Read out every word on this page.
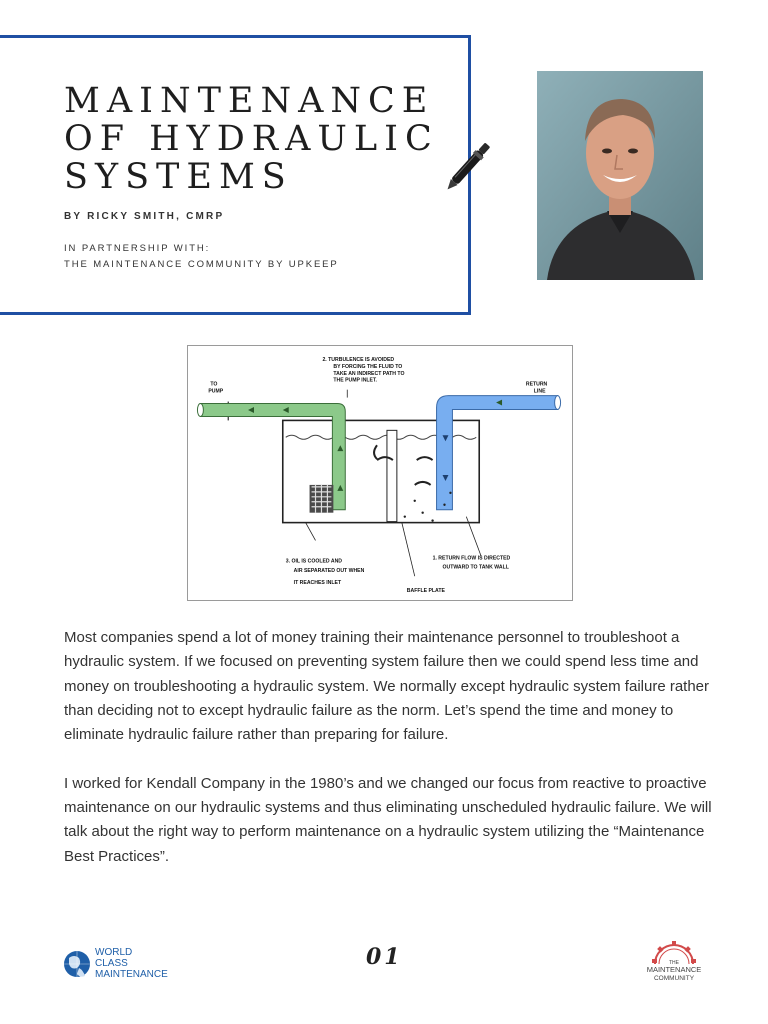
MAINTENANCE
OF HYDRAULIC
SYSTEMS
BY RICKY SMITH, CMRP
IN PARTNERSHIP WITH:
THE MAINTENANCE COMMUNITY BY UPKEEP
TO
PUMP
RETURN
LINE
2. TURBULENCE IS AVOIDED
BY FORCING THE FLUID TO
TAKE AN INDIRECT PATH TO
THE PUMP INLET.
3. OIL IS COOLED AND
AIR SEPARATED OUT WHEN
IT REACHES INLET
1. RETURN FLOW IS DIRECTED
OUTWARD TO TANK WALL
BAFFLE PLATE

Most companies spend a lot of money training their maintenance personnel to troubleshoot a hydraulic system. If we focused on preventing system failure then we could spend less time and money on troubleshooting a hydraulic system. We normally except hydraulic system failure rather than deciding not to except hydraulic failure as the norm. Let’s spend the time and money to eliminate hydraulic failure rather than preparing for failure.

I worked for Kendall Company in the 1980’s and we changed our focus from reactive to proactive maintenance on our hydraulic systems and thus eliminating unscheduled hydraulic failure. We will talk about the right way to perform maintenance on a hydraulic system utilizing the “Maintenance Best Practices”.

WORLD
CLASS
MAINTENANCE
01	THE
MAINTENANCE
COMMUNITY
